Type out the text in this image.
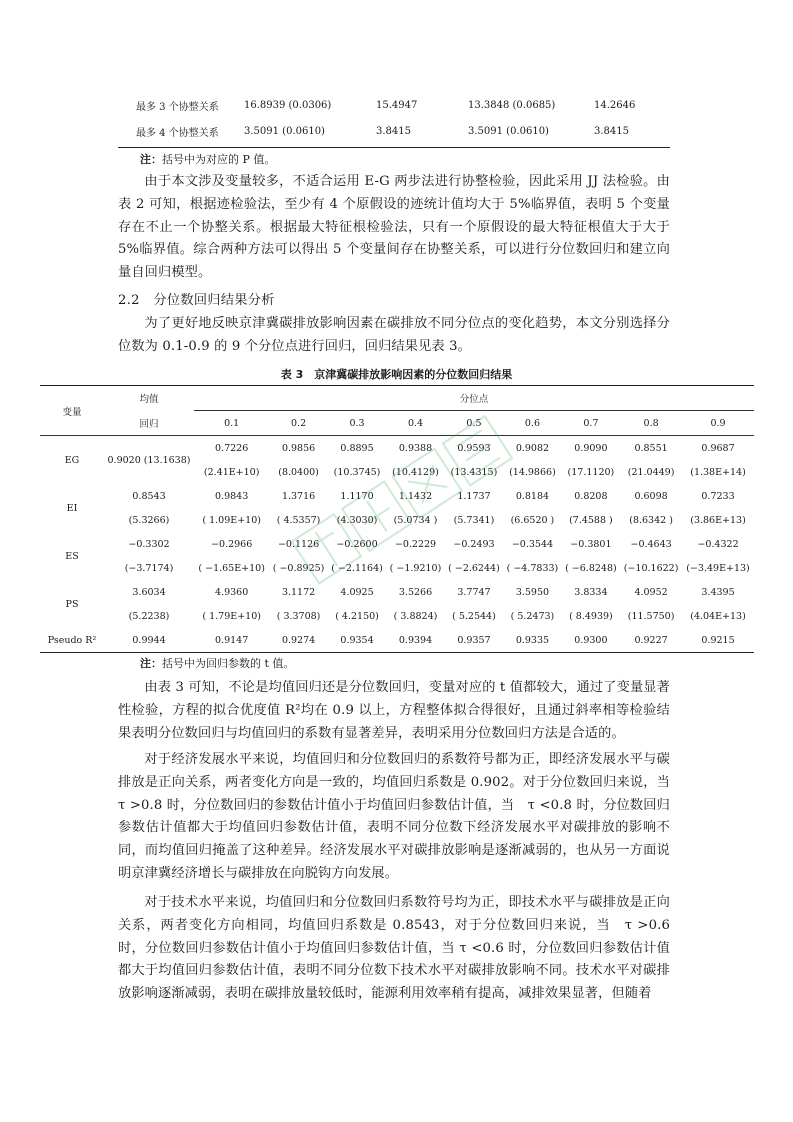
最多 3 个协整关系	16.8939 (0.0306)	15.4947	13.3848 (0.0685)	14.2646
最多 4 个协整关系	3.5091 (0.0610)	3.8415	3.5091 (0.0610)	3.8415
注：括号中为对应的 P 值。

由于本文涉及变量较多，不适合运用 E-G 两步法进行协整检验，因此采用 JJ 法检验。由表 2 可知，根据迹检验法，至少有 4 个原假设的迹统计值均大于 5%临界值，表明 5 个变量存在不止一个协整关系。根据最大特征根检验法，只有一个原假设的最大特征根值大于大于 5%临界值。综合两种方法可以得出 5 个变量间存在协整关系，可以进行分位数回归和建立向量自回归模型。

2.2　分位数回归结果分析

为了更好地反映京津冀碳排放影响因素在碳排放不同分位点的变化趋势，本文分别选择分位数为 0.1-0.9 的 9 个分位点进行回归，回归结果见表 3。

表 3　京津冀碳排放影响因素的分位数回归结果

变量	均值	分位点								
	回归	0.1	0.2	0.3	0.4	0.5	0.6	0.7	0.8	0.9
EG	0.9020 (13.1638)	0.7226	0.9856	0.8895	0.9388	0.9593	0.9082	0.9090	0.8551	0.9687
		(2.41E+10)	(8.0400)	(10.3745)	(10.4129)	(13.4315)	(14.9866)	(17.1120)	(21.0449)	(1.38E+14)
EI	0.8543	0.9843	1.3716	1.1170	1.1432	1.1737	0.8184	0.8208	0.6098	0.7233
	(5.3266)	( 1.09E+10)	( 4.5357)	(4.3030)	(5.0734 )	(5.7341)	(6.6520 )	(7.4588 )	(8.6342 )	(3.86E+13)
ES	−0.3302	−0.2966	−0.1126	−0.2600	−0.2229	−0.2493	−0.3544	−0.3801	−0.4643	−0.4322
	(−3.7174)	( −1.65E+10)	( −0.8925)	( −2.1164)	( −1.9210)	( −2.6244)	( −4.7833)	( −6.8248)	(−10.1622)	(−3.49E+13)
PS	3.6034	4.9360	3.1172	4.0925	3.5266	3.7747	3.5950	3.8334	4.0952	3.4395
	(5.2238)	( 1.79E+10)	( 3.3708)	( 4.2150)	( 3.8824)	( 5.2544)	( 5.2473)	( 8.4939)	(11.5750)	(4.04E+13)
Pseudo R²	0.9944	0.9147	0.9274	0.9354	0.9394	0.9357	0.9335	0.9300	0.9227	0.9215
注：括号中为回归参数的 t 值。

由表 3 可知，不论是均值回归还是分位数回归，变量对应的 t 值都较大，通过了变量显著性检验，方程的拟合优度值 R²均在 0.9 以上，方程整体拟合得很好，且通过斜率相等检验结果表明分位数回归与均值回归的系数有显著差异，表明采用分位数回归方法是合适的。

对于经济发展水平来说，均值回归和分位数回归的系数符号都为正，即经济发展水平与碳排放是正向关系，两者变化方向是一致的，均值回归系数是 0.902。对于分位数回归来说，当 τ >0.8 时，分位数回归的参数估计值小于均值回归参数估计值，当　τ <0.8 时，分位数回归参数估计值都大于均值回归参数估计值，表明不同分位数下经济发展水平对碳排放的影响不同，而均值回归掩盖了这种差异。经济发展水平对碳排放影响是逐渐减弱的，也从另一方面说明京津冀经济增长与碳排放在向脱钩方向发展。

对于技术水平来说，均值回归和分位数回归系数符号均为正，即技术水平与碳排放是正向关系，两者变化方向相同，均值回归系数是 0.8543，对于分位数回归来说，当　τ >0.6 时，分位数回归参数估计值小于均值回归参数估计值，当 τ <0.6 时，分位数回归参数估计值都大于均值回归参数估计值，表明不同分位数下技术水平对碳排放影响不同。技术水平对碳排放影响逐渐减弱，表明在碳排放量较低时，能源利用效率稍有提高，减排效果显著，但随着
